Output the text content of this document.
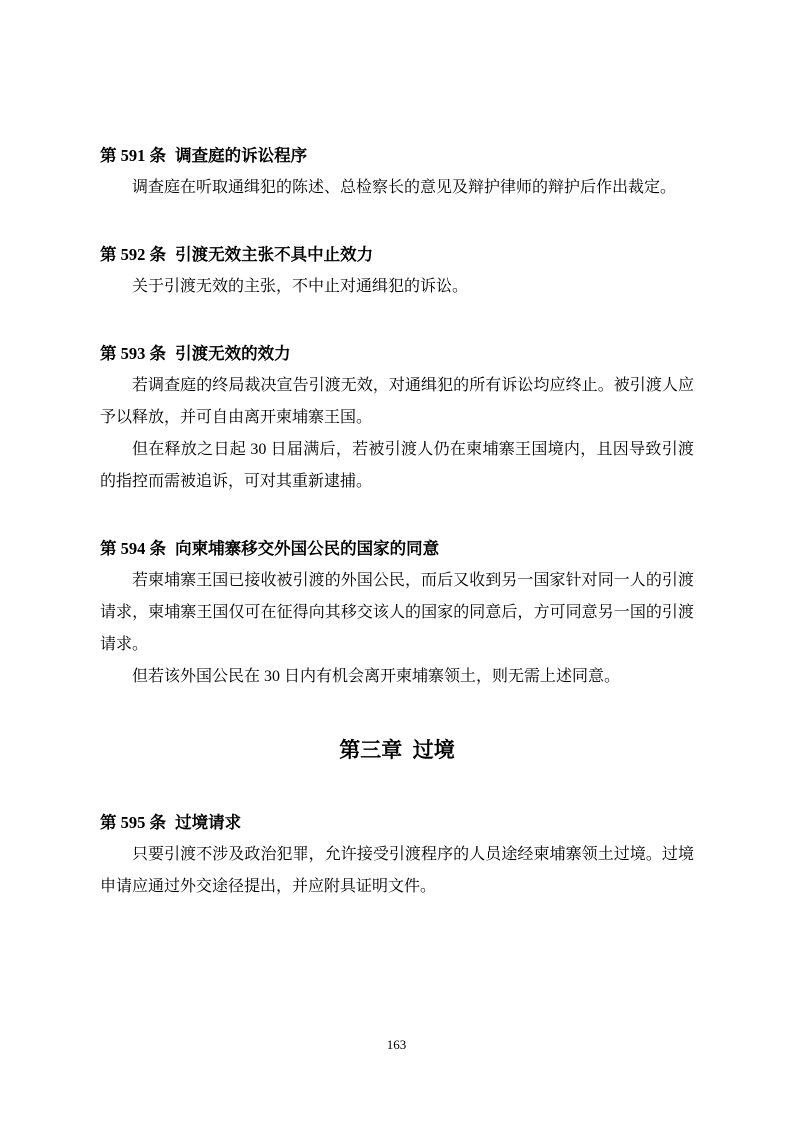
第 591 条 调查庭的诉讼程序

调查庭在听取通缉犯的陈述、总检察长的意见及辩护律师的辩护后作出裁定。

第 592 条 引渡无效主张不具中止效力

关于引渡无效的主张，不中止对通缉犯的诉讼。

第 593 条 引渡无效的效力

若调查庭的终局裁决宣告引渡无效，对通缉犯的所有诉讼均应终止。被引渡人应予以释放，并可自由离开柬埔寨王国。

但在释放之日起 30 日届满后，若被引渡人仍在柬埔寨王国境内，且因导致引渡的指控而需被追诉，可对其重新逮捕。

第 594 条 向柬埔寨移交外国公民的国家的同意

若柬埔寨王国已接收被引渡的外国公民，而后又收到另一国家针对同一人的引渡请求，柬埔寨王国仅可在征得向其移交该人的国家的同意后，方可同意另一国的引渡请求。

但若该外国公民在 30 日内有机会离开柬埔寨领土，则无需上述同意。

第三章 过境
第 595 条 过境请求

只要引渡不涉及政治犯罪，允许接受引渡程序的人员途经柬埔寨领土过境。过境申请应通过外交途径提出，并应附具证明文件。

163
